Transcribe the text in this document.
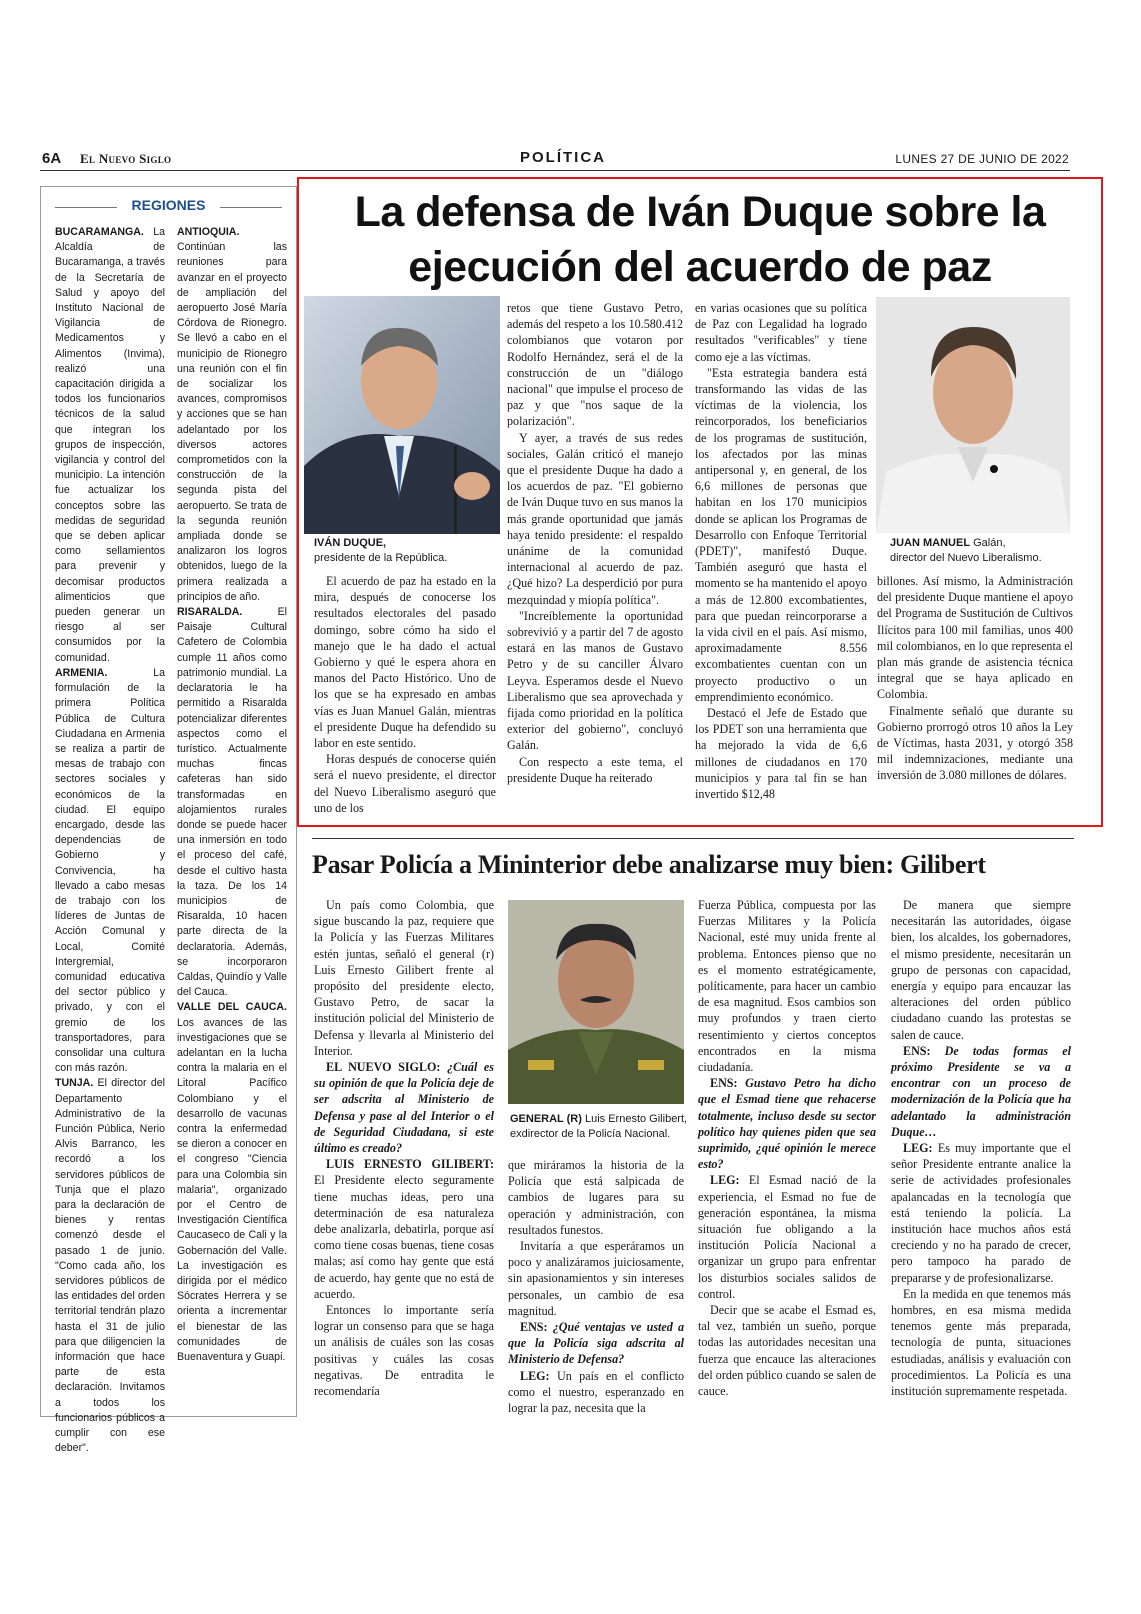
6A El Nuevo Siglo	POLÍTICA	LUNES 27 DE JUNIO DE 2022
REGIONES

BUCARAMANGA. La Alcaldía de Bucaramanga, a través de la Secretaría de Salud y apoyo del Instituto Nacional de Vigilancia de Medicamentos y Alimentos (Invima), realizó una capacitación dirigida a todos los funcionarios técnicos de la salud que integran los grupos de inspección, vigilancia y control del municipio. La intención fue actualizar los conceptos sobre las medidas de seguridad que se deben aplicar como sellamientos para prevenir y decomisar productos alimenticios que pueden generar un riesgo al ser consumidos por la comunidad.

ARMENIA.	La formulación de la primera Política Pública de Cultura Ciudadana en Armenia se realiza a partir de mesas de trabajo con sectores sociales y económicos de la ciudad. El equipo encargado, desde las dependencias de Gobierno y Convivencia, ha llevado a cabo mesas de trabajo con los líderes de Juntas de Acción Comunal y Local, Comité Intergremial, comunidad educativa del sector público y privado, y con el gremio de los transportadores, para consolidar una cultura con más razón.

TUNJA. El director del Departamento Administrativo de la Función Pública, Nerio Alvis Barranco, les recordó a los servidores públicos de Tunja que el plazo para la declaración de bienes y rentas comenzó desde el pasado 1 de junio. "Como cada año, los servidores públicos de las entidades del orden territorial tendrán plazo hasta el 31 de julio para que diligencien la información que hace parte de esta declaración. Invitamos a todos los funcionarios públicos a cumplir con ese deber".

ANTIOQUIA. Continúan las reuniones para avanzar en el proyecto de ampliación del aeropuerto José María Córdova de Rionegro. Se llevó a cabo en el municipio de Rionegro una reunión con el fin de socializar los avances, compromisos y acciones que se han adelantado por los diversos actores comprometidos con la construcción de la segunda pista del aeropuerto. Se trata de la segunda reunión ampliada donde se analizaron los logros obtenidos, luego de la primera realizada a principios de año.

RISARALDA.	El Paisaje Cultural Cafetero de Colombia cumple 11 años como patrimonio mundial. La declaratoria le ha permitido a Risaralda potencializar diferentes aspectos como el turístico. Actualmente muchas fincas cafeteras han sido transformadas en alojamientos rurales donde se puede hacer una inmersión en todo el proceso del café, desde el cultivo hasta la taza. De los 14 municipios de Risaralda, 10 hacen parte directa de la declaratoria. Además, se incorporaron Caldas, Quindío y Valle del Cauca.

VALLE DEL CAUCA. Los avances de las investigaciones que se adelantan en la lucha contra la malaria en el Litoral Pacífico Colombiano y el desarrollo de vacunas contra la enfermedad se dieron a conocer en el congreso "Ciencia para una Colombia sin malaria", organizado por el Centro de Investigación Científica Caucaseco de Cali y la Gobernación del Valle. La investigación es dirigida por el médico Sócrates Herrera y se orienta a incrementar el bienestar de las comunidades de Buenaventura y Guapi.

La defensa de Iván Duque sobre la ejecución del acuerdo de paz
IVÁN DUQUE,
presidente de la República.
JUAN MANUEL Galán,
director del Nuevo Liberalismo.

El acuerdo de paz ha estado en la mira, después de conocerse los resultados electorales del pasado domingo, sobre cómo ha sido el manejo que le ha dado el actual Gobierno y qué le espera ahora en manos del Pacto Histórico. Uno de los que se ha expresado en ambas vías es Juan Manuel Galán, mientras el presidente Duque ha defendido su labor en este sentido.

Horas después de conocerse quién será el nuevo presidente, el director del Nuevo Liberalismo aseguró que uno de los

retos que tiene Gustavo Petro, además del respeto a los 10.580.412 colombianos que votaron por Rodolfo Hernández, será el de la construcción de un "diálogo nacional" que impulse el proceso de paz y que "nos saque de la polarización".

Y ayer, a través de sus redes sociales, Galán criticó el manejo que el presidente Duque ha dado a los acuerdos de paz. "El gobierno de Iván Duque tuvo en sus manos la más grande oportunidad que jamás haya tenido presidente: el respaldo unánime de la comunidad internacional al acuerdo de paz. ¿Qué hizo? La desperdició por pura mezquindad y miopía política".

"Increíblemente la oportunidad sobrevivió y a partir del 7 de agosto estará en las manos de Gustavo Petro y de su canciller Álvaro Leyva. Esperamos desde el Nuevo Liberalismo que sea aprovechada y fijada como prioridad en la política exterior del gobierno", concluyó Galán.

Con respecto a este tema, el presidente Duque ha reiterado

en varias ocasiones que su política de Paz con Legalidad ha logrado resultados "verificables" y tiene como eje a las víctimas.

"Esta estrategia bandera está transformando las vidas de las víctimas de la violencia, los reincorporados, los beneficiarios de los programas de sustitución, los afectados por las minas antipersonal y, en general, de los 6,6 millones de personas que habitan en los 170 municipios donde se aplican los Programas de Desarrollo con Enfoque Territorial (PDET)", manifestó Duque. También aseguró que hasta el momento se ha mantenido el apoyo a más de 12.800 excombatientes, para que puedan reincorporarse a la vida civil en el país. Así mismo, aproximadamente 8.556 excombatientes cuentan con un proyecto productivo o un emprendimiento económico.

Destacó el Jefe de Estado que los PDET son una herramienta que ha mejorado la vida de 6,6 millones de ciudadanos en 170 municipios y para tal fin se han invertido $12,48

billones. Así mismo, la Administración del presidente Duque mantiene el apoyo del Programa de Sustitución de Cultivos Ilícitos para 100 mil familias, unos 400 mil colombianos, en lo que representa el plan más grande de asistencia técnica integral que se haya aplicado en Colombia.

Finalmente señaló que durante su Gobierno prorrogó otros 10 años la Ley de Víctimas, hasta 2031, y otorgó 358 mil indemnizaciones, mediante una inversión de 3.080 millones de dólares.

Pasar Policía a Mininterior debe analizarse muy bien: Gilibert
GENERAL (R) Luis Ernesto Gilibert,
exdirector de la Policía Nacional.

Un país como Colombia, que sigue buscando la paz, requiere que la Policía y las Fuerzas Militares estén juntas, señaló el general (r) Luis Ernesto Gilibert frente al propósito del presidente electo, Gustavo Petro, de sacar la institución policial del Ministerio de Defensa y llevarla al Ministerio del Interior.

EL NUEVO SIGLO: ¿Cuál es su opinión de que la Policía deje de ser adscrita al Ministerio de Defensa y pase al del Interior o el de Seguridad Ciudadana, si este último es creado?

LUIS ERNESTO GILIBERT: El Presidente electo seguramente tiene muchas ideas, pero una determinación de esa naturaleza debe analizarla, debatirla, porque así como tiene cosas buenas, tiene cosas malas; así como hay gente que está de acuerdo, hay gente que no está de acuerdo.

Entonces lo importante sería lograr un consenso para que se haga un análisis de cuáles son las cosas positivas y cuáles las cosas negativas. De entradita le recomendaría

que miráramos la historia de la Policía que está salpicada de cambios de lugares para su operación y administración, con resultados funestos.

Invitaría a que esperáramos un poco y analizáramos juiciosamente, sin apasionamientos y sin intereses personales, un cambio de esa magnitud.

ENS: ¿Qué ventajas ve usted a que la Policía siga adscrita al Ministerio de Defensa?

LEG: Un país en el conflicto como el nuestro, esperanzado en lograr la paz, necesita que la

Fuerza Pública, compuesta por las Fuerzas Militares y la Policía Nacional, esté muy unida frente al problema. Entonces pienso que no es el momento estratégicamente, políticamente, para hacer un cambio de esa magnitud. Esos cambios son muy profundos y traen cierto resentimiento y ciertos conceptos encontrados en la misma ciudadanía.

ENS: Gustavo Petro ha dicho que el Esmad tiene que rehacerse totalmente, incluso desde su sector político hay quienes piden que sea suprimido, ¿qué opinión le merece esto?

LEG: El Esmad nació de la experiencia, el Esmad no fue de generación espontánea, la misma situación fue obligando a la institución Policía Nacional a organizar un grupo para enfrentar los disturbios sociales salidos de control.

Decir que se acabe el Esmad es, tal vez, también un sueño, porque todas las autoridades necesitan una fuerza que encauce las alteraciones del orden público cuando se salen de cauce.

De manera que siempre necesitarán las autoridades, óigase bien, los alcaldes, los gobernadores, el mismo presidente, necesitarán un grupo de personas con capacidad, energía y equipo para encauzar las alteraciones del orden público ciudadano cuando las protestas se salen de cauce.

ENS: De todas formas el próximo Presidente se va a encontrar con un proceso de modernización de la Policía que ha adelantado la administración Duque…

LEG: Es muy importante que el señor Presidente entrante analice la serie de actividades profesionales apalancadas en la tecnología que está teniendo la policía. La institución hace muchos años está creciendo y no ha parado de crecer, pero tampoco ha parado de prepararse y de profesionalizarse.

En la medida en que tenemos más hombres, en esa misma medida tenemos gente más preparada, tecnología de punta, situaciones estudiadas, análisis y evaluación con procedimientos. La Policía es una institución supremamente respetada.
